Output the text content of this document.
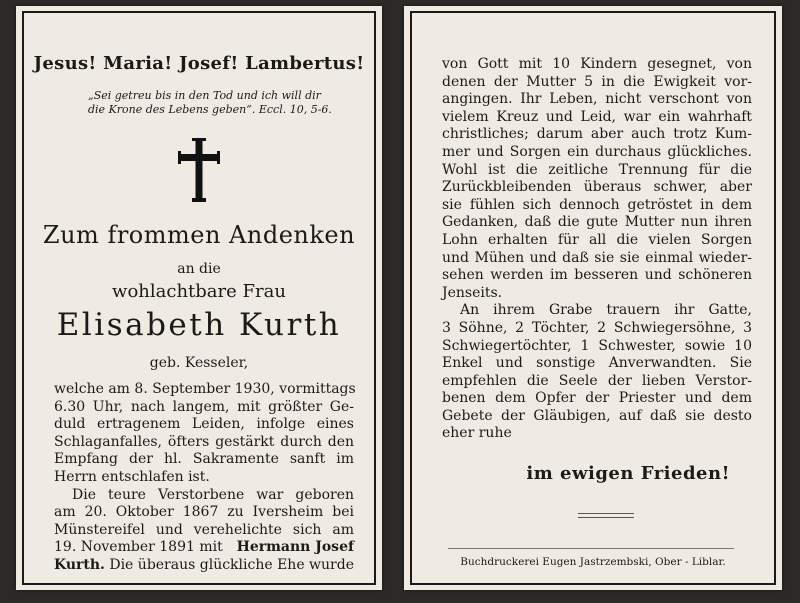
Jesus! Maria! Josef! Lambertus!
„Sei getreu bis in den Tod und ich will dir
die Krone des Lebens geben“. Eccl. 10, 5-6.
Zum frommen Andenken
an die
wohlachtbare Frau
Elisabeth Kurth
geb. Kesseler,
welche am 8. September 1930, vormittags
6.30 Uhr, nach langem, mit größter Ge-
duld ertragenem Leiden, infolge eines
Schlaganfalles, öfters gestärkt durch den
Empfang der hl. Sakramente sanft im
Herrn entschlafen ist.
Die teure Verstorbene war geboren
am 20. Oktober 1867 zu Iversheim bei
Münstereifel und verehelichte sich am
19. November 1891 mit Hermann Josef
Kurth. Die überaus glückliche Ehe wurde
von Gott mit 10 Kindern gesegnet, von
denen der Mutter 5 in die Ewigkeit vor-
angingen. Ihr Leben, nicht verschont von
vielem Kreuz und Leid, war ein wahrhaft
christliches; darum aber auch trotz Kum-
mer und Sorgen ein durchaus glückliches.
Wohl ist die zeitliche Trennung für die
Zurückbleibenden überaus schwer, aber
sie fühlen sich dennoch getröstet in dem
Gedanken, daß die gute Mutter nun ihren
Lohn erhalten für all die vielen Sorgen
und Mühen und daß sie sie einmal wieder-
sehen werden im besseren und schöneren
Jenseits.
An ihrem Grabe trauern ihr Gatte,
3 Söhne, 2 Töchter, 2 Schwiegersöhne, 3
Schwiegertöchter, 1 Schwester, sowie 10
Enkel und sonstige Anverwandten. Sie
empfehlen die Seele der lieben Verstor-
benen dem Opfer der Priester und dem
Gebete der Gläubigen, auf daß sie desto
eher ruhe
im ewigen Frieden!
Buchdruckerei Eugen Jastrzembski, Ober - Liblar.
